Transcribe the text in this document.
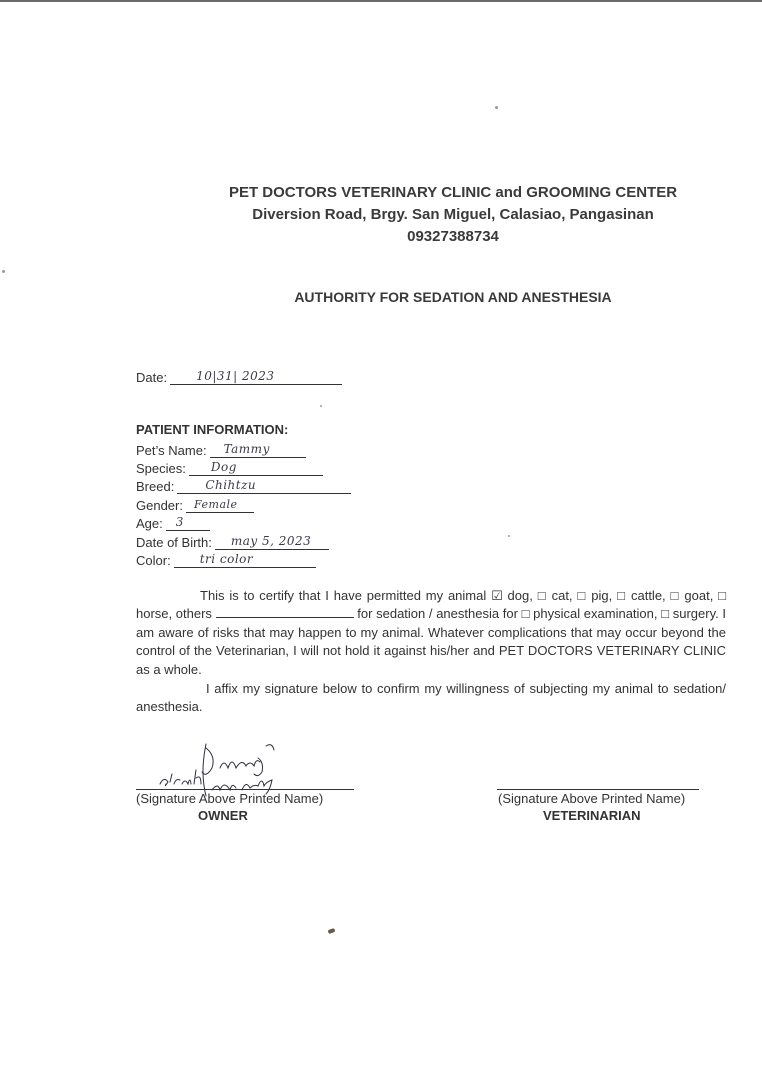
PET DOCTORS VETERINARY CLINIC and GROOMING CENTER
Diversion Road, Brgy. San Miguel, Calasiao, Pangasinan
09327388734
AUTHORITY FOR SEDATION AND ANESTHESIA
Date: 10|31| 2023
PATIENT INFORMATION:
Pet’s Name: Tammy
Species: Dog
Breed:	Chihtzu
Gender: Female
Age: 3
Date of Birth: may 5, 2023
Color: tri color
This is to certify that I have permitted my animal ☑ dog, □ cat, □ pig, □ cattle, □ goat, □ horse, others	for sedation / anesthesia for □ physical examination, □ surgery. I am aware of risks that may happen to my animal. Whatever complications that may occur beyond the control of the Veterinarian, I will not hold it against his/her and PET DOCTORS VETERINARY CLINIC as a whole.
I affix my signature below to confirm my willingness of subjecting my animal to sedation/ anesthesia.
(Signature Above Printed Name)
OWNER
(Signature Above Printed Name)
VETERINARIAN
